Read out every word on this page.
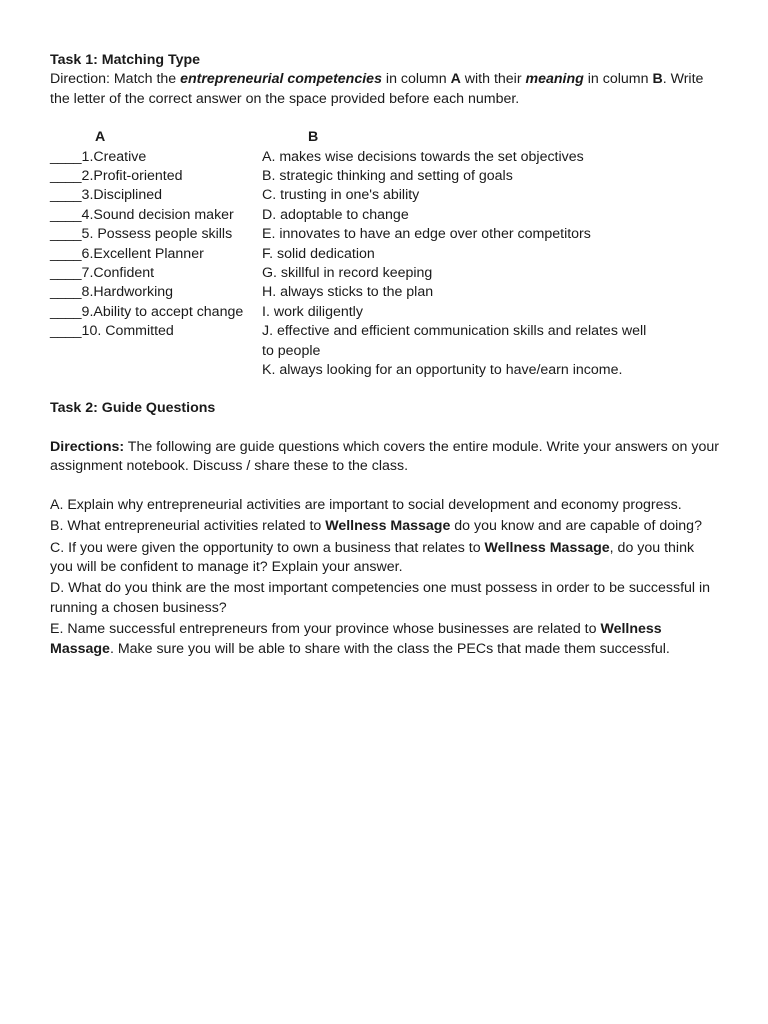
Task 1: Matching Type

Direction: Match the entrepreneurial competencies in column A with their meaning in column B. Write the letter of the correct answer on the space provided before each number.

A	B
____1.Creative	A. makes wise decisions towards the set objectives
____2.Profit-oriented	B. strategic thinking and setting of goals
____3.Disciplined	C. trusting in one's ability
____4.Sound decision maker D. adoptable to change
____5. Possess people skills E. innovates to have an edge over other competitors
____6.Excellent Planner	F. solid dedication
____7.Confident	G. skillful in record keeping
____8.Hardworking	H. always sticks to the plan
____9.Ability to accept change I. work diligently
____10. Committed	J. effective and efficient communication skills and relates well to people
K. always looking for an opportunity to have/earn income.
Task 2: Guide Questions

Directions: The following are guide questions which covers the entire module. Write your answers on your assignment notebook. Discuss / share these to the class.

A. Explain why entrepreneurial activities are important to social development and economy progress.

B. What entrepreneurial activities related to Wellness Massage do you know and are capable of doing?

C. If you were given the opportunity to own a business that relates to Wellness Massage, do you think you will be confident to manage it? Explain your answer.

D. What do you think are the most important competencies one must possess in order to be successful in running a chosen business?

E. Name successful entrepreneurs from your province whose businesses are related to Wellness Massage. Make sure you will be able to share with the class the PECs that made them successful.
